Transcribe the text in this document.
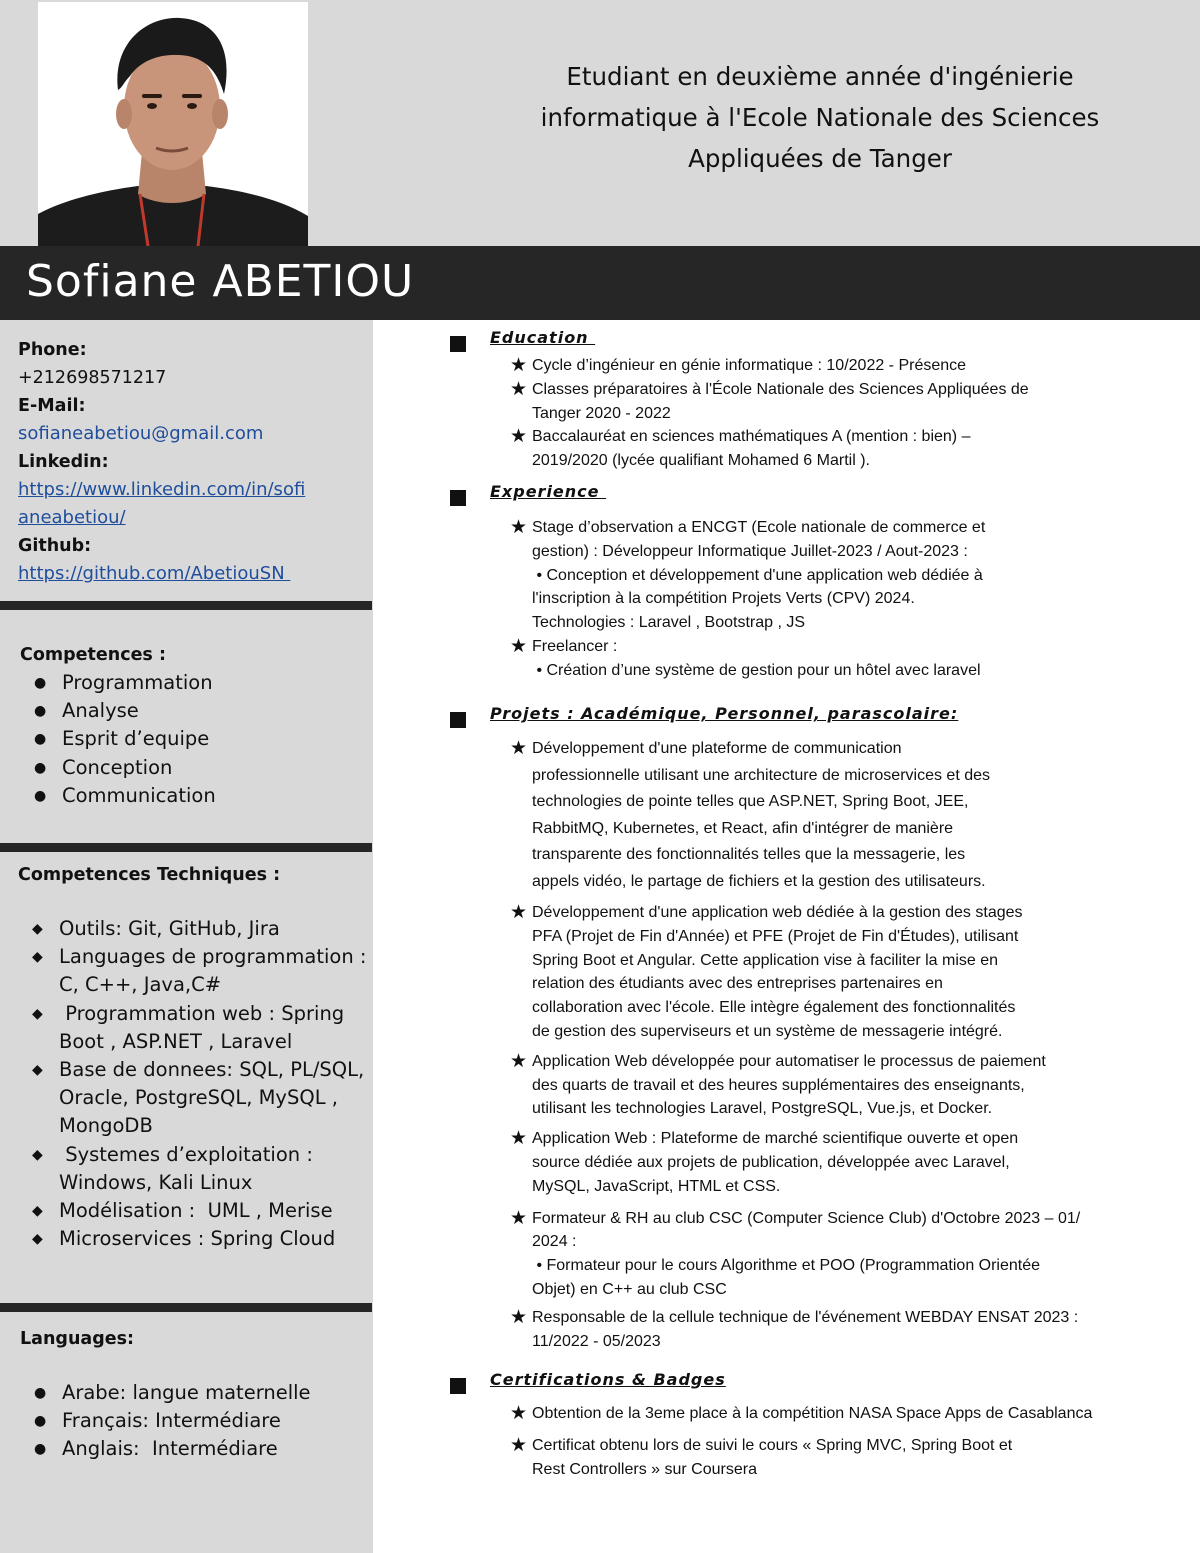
Etudiant en deuxième année d'ingénierie
informatique à l'Ecole Nationale des Sciences
Appliquées de Tanger
Sofiane ABETIOU
Phone:
+212698571217
E-Mail:
sofianeabetiou@gmail.com
Linkedin:
https://www.linkedin.com/in/sofi
aneabetiou/
Github:
https://github.com/AbetiouSN
Competences :
● Programmation
● Analyse
● Esprit d’equipe
● Conception
● Communication
Competences Techniques :
◆ Outils: Git, GitHub, Jira
◆ Languages de programmation :
C, C++, Java,C#
◆ Programmation web : Spring
Boot , ASP.NET , Laravel
◆ Base de donnees: SQL, PL/SQL,
Oracle, PostgreSQL, MySQL ,
MongoDB
◆ Systemes d’exploitation :
Windows, Kali Linux
◆ Modélisation :  UML , Merise
◆ Microservices : Spring Cloud
Languages:
● Arabe: langue maternelle
● Français: Intermédiare
● Anglais:  Intermédiare
Education
★ Cycle d’ingénieur en génie informatique : 10/2022 - Présence
★ Classes préparatoires à l'École Nationale des Sciences Appliquées de
Tanger 2020 - 2022
★ Baccalauréat en sciences mathématiques A (mention : bien) –
2019/2020 (lycée qualifiant Mohamed 6 Martil ).
Experience
★ Stage d’observation a ENCGT (Ecole nationale de commerce et
gestion) : Développeur Informatique Juillet-2023 / Aout-2023 :
• Conception et développement d'une application web dédiée à
l'inscription à la compétition Projets Verts (CPV) 2024.
Technologies : Laravel , Bootstrap , JS
★ Freelancer :
• Création d’une système de gestion pour un hôtel avec laravel
Projets : Académique, Personnel, parascolaire:
★ Développement d'une plateforme de communication
professionnelle utilisant une architecture de microservices et des
technologies de pointe telles que ASP.NET, Spring Boot, JEE,
RabbitMQ, Kubernetes, et React, afin d'intégrer de manière
transparente des fonctionnalités telles que la messagerie, les
appels vidéo, le partage de fichiers et la gestion des utilisateurs.
★ Développement d'une application web dédiée à la gestion des stages
PFA (Projet de Fin d'Année) et PFE (Projet de Fin d'Études), utilisant
Spring Boot et Angular. Cette application vise à faciliter la mise en
relation des étudiants avec des entreprises partenaires en
collaboration avec l'école. Elle intègre également des fonctionnalités
de gestion des superviseurs et un système de messagerie intégré.
★ Application Web développée pour automatiser le processus de paiement
des quarts de travail et des heures supplémentaires des enseignants,
utilisant les technologies Laravel, PostgreSQL, Vue.js, et Docker.
★ Application Web : Plateforme de marché scientifique ouverte et open
source dédiée aux projets de publication, développée avec Laravel,
MySQL, JavaScript, HTML et CSS.
★ Formateur & RH au club CSC (Computer Science Club) d'Octobre 2023 – 01/
2024 :
• Formateur pour le cours Algorithme et POO (Programmation Orientée
Objet) en C++ au club CSC
★ Responsable de la cellule technique de l'événement WEBDAY ENSAT 2023 :
11/2022 - 05/2023
Certifications & Badges
★ Obtention de la 3eme place à la compétition NASA Space Apps de Casablanca
★ Certificat obtenu lors de suivi le cours « Spring MVC, Spring Boot et
Rest Controllers » sur Coursera
